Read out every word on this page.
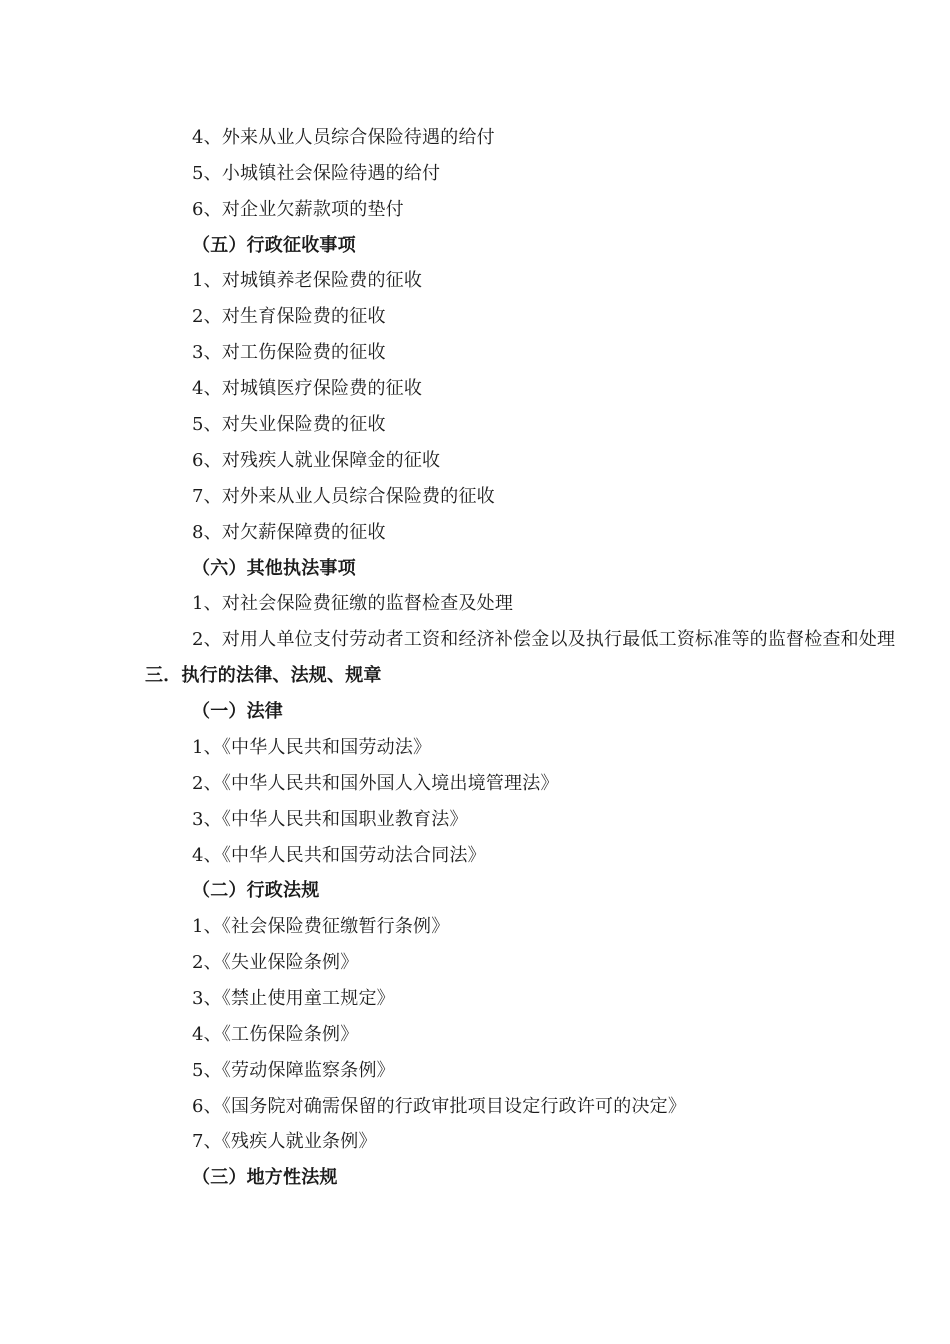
4、外来从业人员综合保险待遇的给付
5、小城镇社会保险待遇的给付
6、对企业欠薪款项的垫付
（五）行政征收事项
1、对城镇养老保险费的征收
2、对生育保险费的征收
3、对工伤保险费的征收
4、对城镇医疗保险费的征收
5、对失业保险费的征收
6、对残疾人就业保障金的征收
7、对外来从业人员综合保险费的征收
8、对欠薪保障费的征收
（六）其他执法事项
1、对社会保险费征缴的监督检查及处理
2、对用人单位支付劳动者工资和经济补偿金以及执行最低工资标准等的监督检查和处理
三．执行的法律、法规、规章
（一）法律
1、《中华人民共和国劳动法》
2、《中华人民共和国外国人入境出境管理法》
3、《中华人民共和国职业教育法》
4、《中华人民共和国劳动法合同法》
（二）行政法规
1、《社会保险费征缴暂行条例》
2、《失业保险条例》
3、《禁止使用童工规定》
4、《工伤保险条例》
5、《劳动保障监察条例》
6、《国务院对确需保留的行政审批项目设定行政许可的决定》
7、《残疾人就业条例》
（三）地方性法规
